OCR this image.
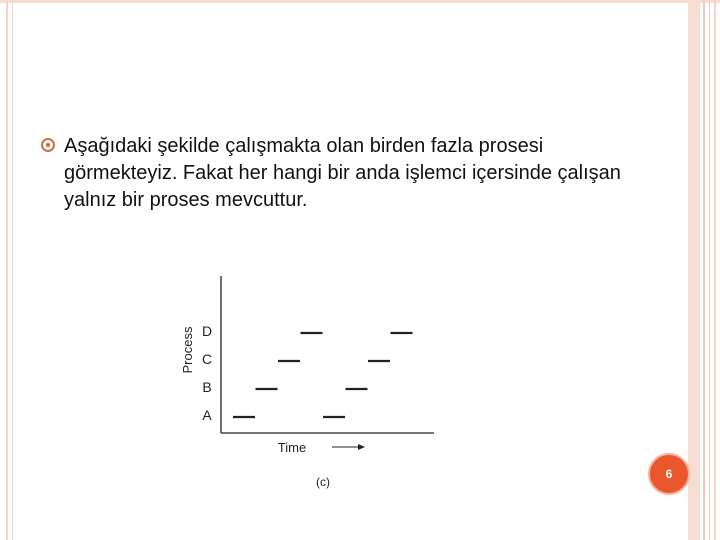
Aşağıdaki şekilde çalışmakta olan birden fazla prosesi görmekteyiz. Fakat her hangi bir anda işlemci içersinde çalışan yalnız bir proses mevcuttur.
Process D
C
B
A
Time
(c)
6
